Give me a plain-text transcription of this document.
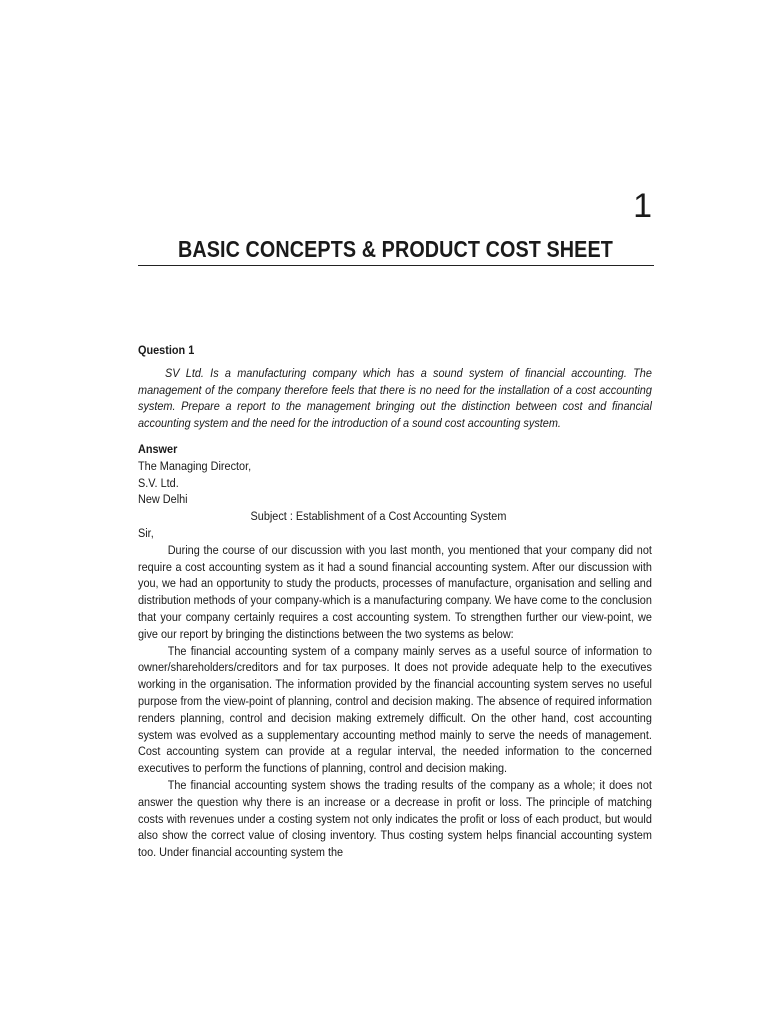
1
BASIC CONCEPTS & PRODUCT COST SHEET

Question 1

SV Ltd. Is a manufacturing company which has a sound system of financial accounting. The management of the company therefore feels that there is no need for the installation of a cost accounting system. Prepare a report to the management bringing out the distinction between cost and financial accounting system and the need for the introduction of a sound cost accounting system.

Answer

The Managing Director,

S.V. Ltd.

New Delhi

Subject : Establishment of a Cost Accounting System

Sir,

During the course of our discussion with you last month, you mentioned that your company did not require a cost accounting system as it had a sound financial accounting system. After our discussion with you, we had an opportunity to study the products, processes of manufacture, organisation and selling and distribution methods of your company-which is a manufacturing company. We have come to the conclusion that your company certainly requires a cost accounting system. To strengthen further our view-point, we give our report by bringing the distinctions between the two systems as below:

The financial accounting system of a company mainly serves as a useful source of information to owner/shareholders/creditors and for tax purposes. It does not provide adequate help to the executives working in the organisation. The information provided by the financial accounting system serves no useful purpose from the view-point of planning, control and decision making. The absence of required information renders planning, control and decision making extremely difficult. On the other hand, cost accounting system was evolved as a supplementary accounting method mainly to serve the needs of management. Cost accounting system can provide at a regular interval, the needed information to the concerned executives to perform the functions of planning, control and decision making.

The financial accounting system shows the trading results of the company as a whole; it does not answer the question why there is an increase or a decrease in profit or loss. The principle of matching costs with revenues under a costing system not only indicates the profit or loss of each product, but would also show the correct value of closing inventory. Thus costing system helps financial accounting system too. Under financial accounting system the
